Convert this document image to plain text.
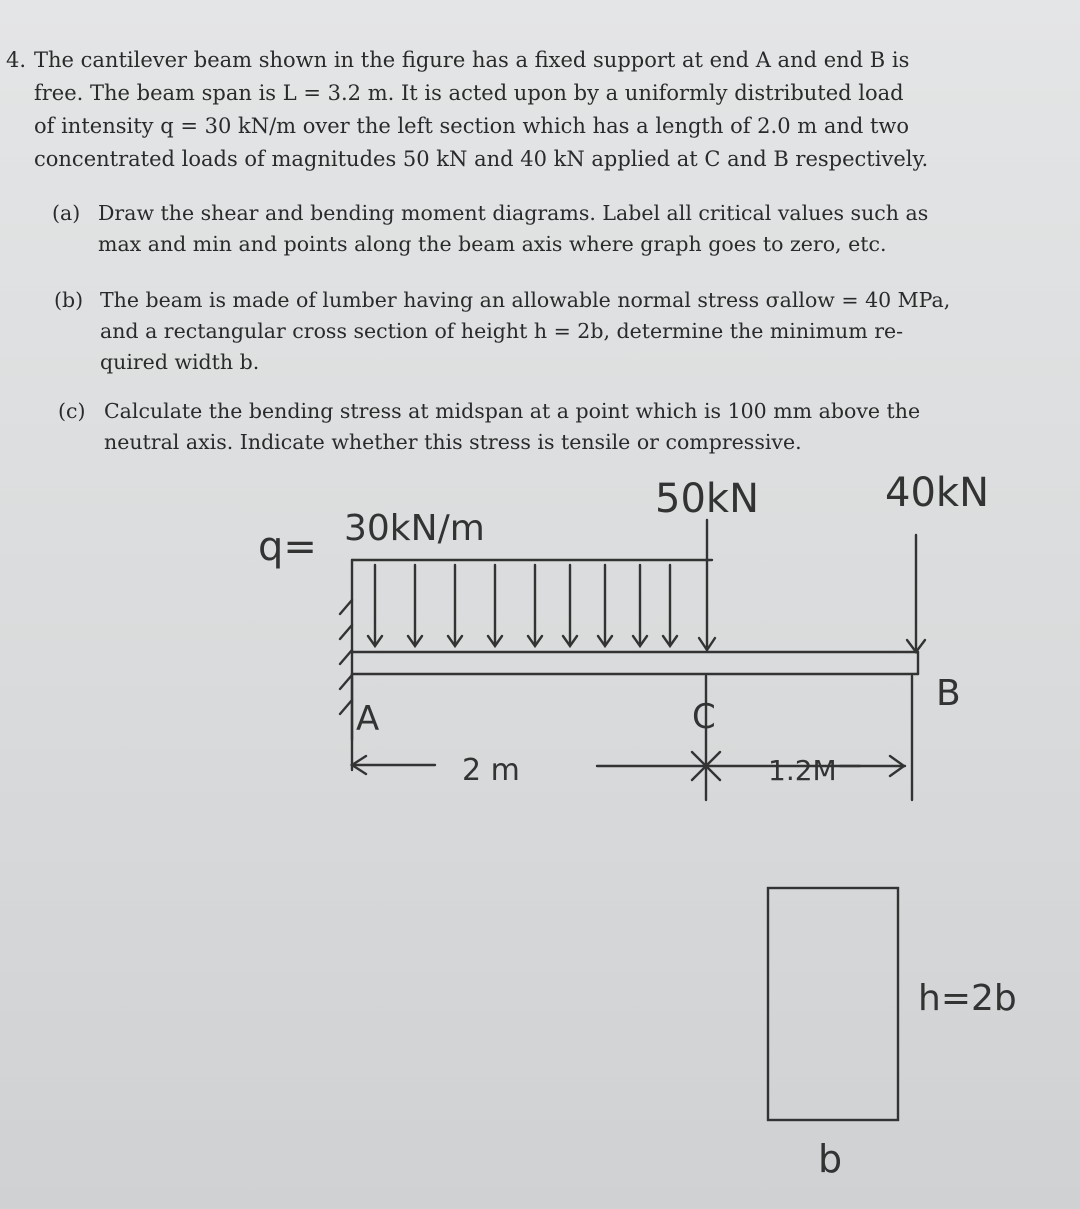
4. The cantilever beam shown in the figure has a fixed support at end A and end B is
free. The beam span is L = 3.2 m. It is acted upon by a uniformly distributed load
of intensity q = 30 kN/m over the left section which has a length of 2.0 m and two
concentrated loads of magnitudes 50 kN and 40 kN applied at C and B respectively.
(a) Draw the shear and bending moment diagrams. Label all critical values such as
max and min and points along the beam axis where graph goes to zero, etc.
(b) The beam is made of lumber having an allowable normal stress σallow = 40 MPa,
and a rectangular cross section of height h = 2b, determine the minimum re-
quired width b.
(c) Calculate the bending stress at midspan at a point which is 100 mm above the
neutral axis. Indicate whether this stress is tensile or compressive.
q= 30kN/m
50kN	40kN
A	C
B
2 m	1.2M
h=2b
b
